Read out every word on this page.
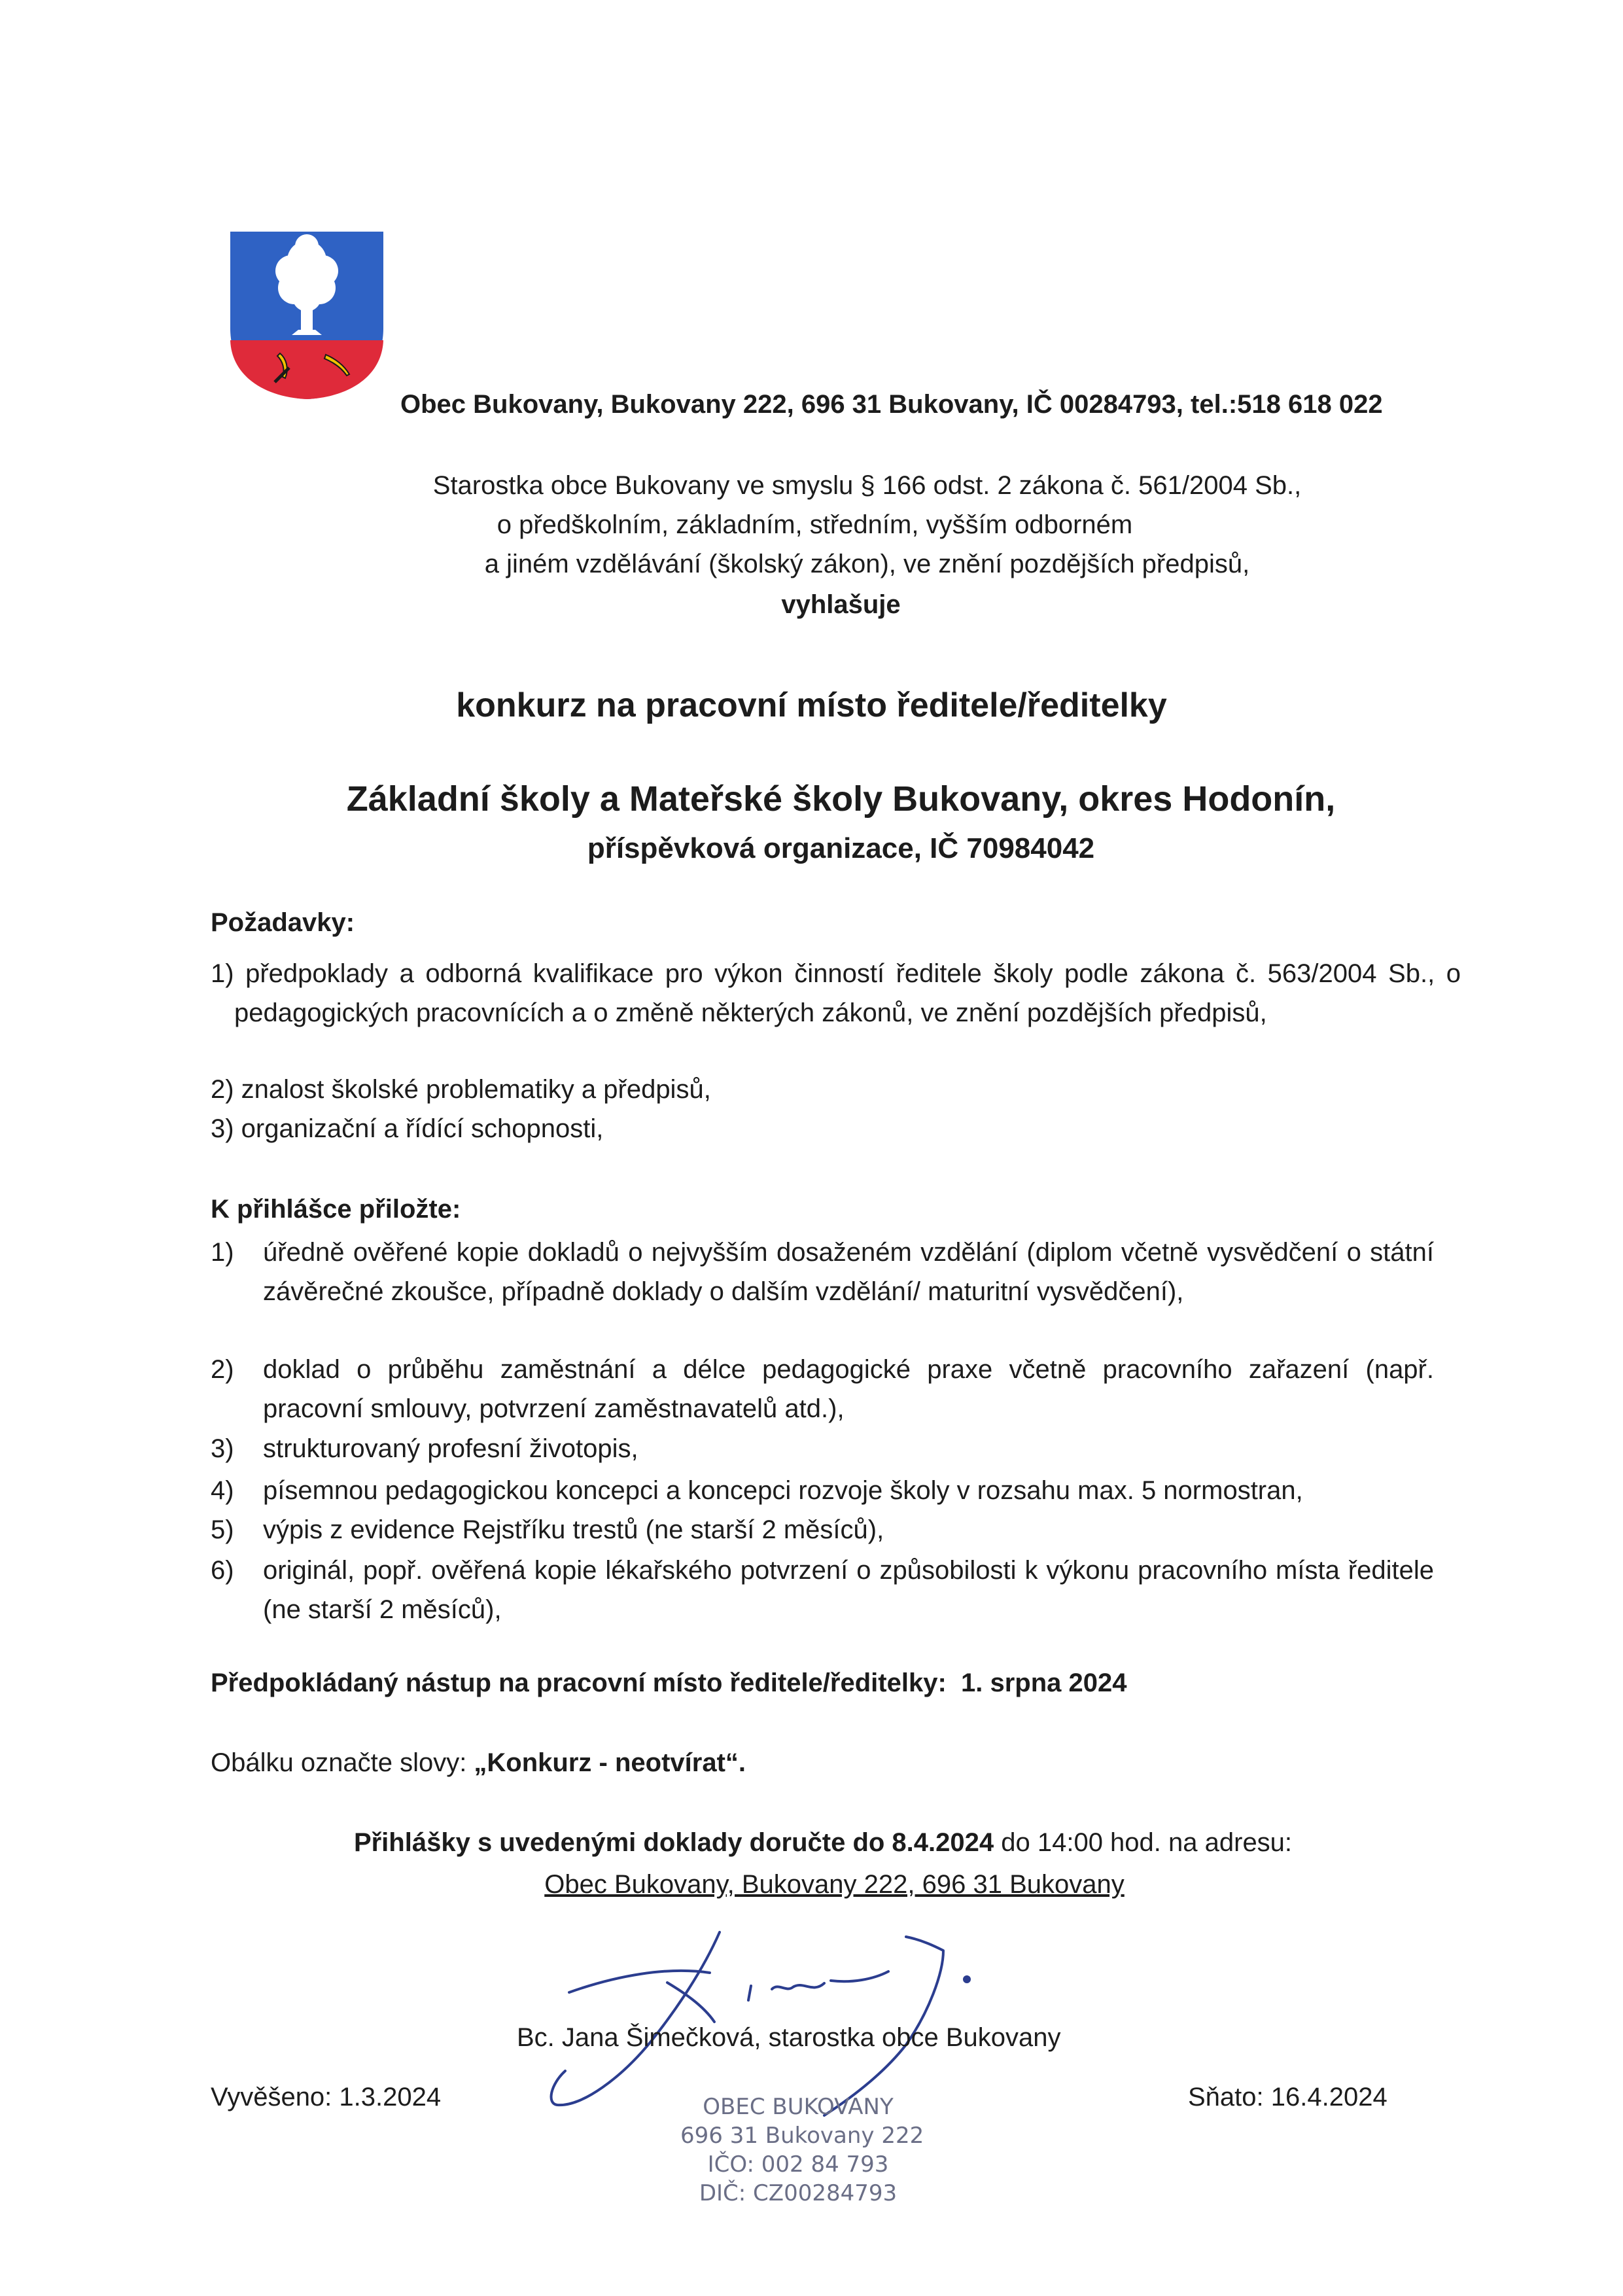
Obec Bukovany, Bukovany 222, 696 31 Bukovany, IČ 00284793, tel.:518 618 022
Starostka obce Bukovany ve smyslu § 166 odst. 2 zákona č. 561/2004 Sb.,
o předškolním, základním, středním, vyšším odborném
a jiném vzdělávání (školský zákon), ve znění pozdějších předpisů,
vyhlašuje
konkurz na pracovní místo ředitele/ředitelky
Základní školy a Mateřské školy Bukovany, okres Hodonín,
příspěvková organizace, IČ 70984042
Požadavky:
1) předpoklady a odborná kvalifikace pro výkon činností ředitele školy podle zákona č. 563/2004 Sb., o pedagogických pracovnících a o změně některých zákonů, ve znění pozdějších předpisů,
2) znalost školské problematiky a předpisů,
3) organizační a řídící schopnosti,
K přihlášce přiložte:
1)	úředně ověřené kopie dokladů o nejvyšším dosaženém vzdělání (diplom včetně vysvědčení o státní závěrečné zkoušce, případně doklady o dalším vzdělání/ maturitní vysvědčení),
2)	doklad o průběhu zaměstnání a délce pedagogické praxe včetně pracovního zařazení (např. pracovní smlouvy, potvrzení zaměstnavatelů atd.),
3)	strukturovaný profesní životopis,
4)	písemnou pedagogickou koncepci a koncepci rozvoje školy v rozsahu max. 5 normostran,
5)	výpis z evidence Rejstříku trestů (ne starší 2 měsíců),
6)	originál, popř. ověřená kopie lékařského potvrzení o způsobilosti k výkonu pracovního místa ředitele (ne starší 2 měsíců),
Předpokládaný nástup na pracovní místo ředitele/ředitelky: 1. srpna 2024
Obálku označte slovy: „Konkurz - neotvírat“.
Přihlášky s uvedenými doklady doručte do 8.4.2024 do 14:00 hod. na adresu:
Obec Bukovany, Bukovany 222, 696 31 Bukovany
Bc. Jana Šimečková, starostka obce Bukovany
Vyvěšeno: 1.3.2024	Sňato: 16.4.2024
OBEC BUKOVANY
696 31 Bukovany 222
IČO: 002 84 793
DIČ: CZ00284793
